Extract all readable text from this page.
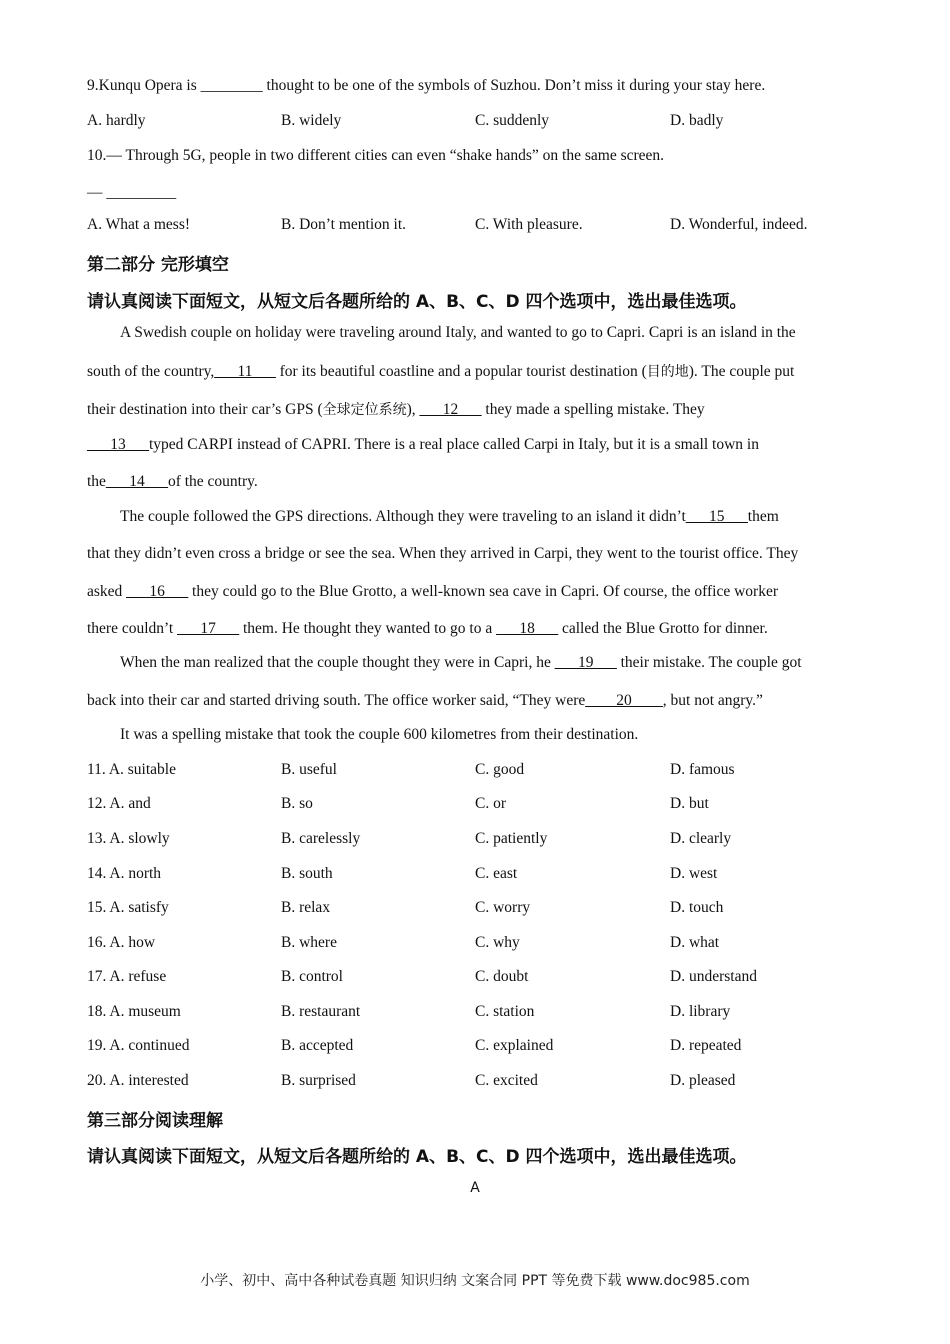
9.Kunqu Opera is ________ thought to be one of the symbols of Suzhou. Don’t miss it during your stay here.
A. hardly	B. widely	C. suddenly	D. badly
10.— Through 5G, people in two different cities can even “shake hands” on the same screen.
— _________
A. What a mess!	B. Don’t mention it.	C. With pleasure.	D. Wonderful, indeed.
第二部分 完形填空
请认真阅读下面短文，从短文后各题所给的 A、B、C、D 四个选项中，选出最佳选项。
A Swedish couple on holiday were traveling around Italy, and wanted to go to Capri. Capri is an island in the
south of the country,___11___ for its beautiful coastline and a popular tourist destination (目的地). The couple put
their destination into their car’s GPS (全球定位系统), ___12___ they made a spelling mistake. They
___13___typed CARPI instead of CAPRI. There is a real place called Carpi in Italy, but it is a small town in
the___14___of the country.
The couple followed the GPS directions. Although they were traveling to an island it didn’t___15___them
that they didn’t even cross a bridge or see the sea. When they arrived in Carpi, they went to the tourist office. They
asked ___16___ they could go to the Blue Grotto, a well-known sea cave in Capri. Of course, the office worker
there couldn’t ___17___ them. He thought they wanted to go to a ___18___ called the Blue Grotto for dinner.
When the man realized that the couple thought they were in Capri, he ___19___ their mistake. The couple got
back into their car and started driving south. The office worker said, “They were____20____, but not angry.”
It was a spelling mistake that took the couple 600 kilometres from their destination.
11. A. suitable	B. useful	C. good	D. famous
12. A. and	B. so	C. or	D. but
13. A. slowly	B. carelessly	C. patiently	D. clearly
14. A. north	B. south	C. east	D. west
15. A. satisfy	B. relax	C. worry	D. touch
16. A. how	B. where	C. why	D. what
17. A. refuse	B. control	C. doubt	D. understand
18. A. museum	B. restaurant	C. station	D. library
19. A. continued	B. accepted	C. explained	D. repeated
20. A. interested	B. surprised	C. excited	D. pleased
第三部分阅读理解
请认真阅读下面短文，从短文后各题所给的 A、B、C、D 四个选项中，选出最佳选项。
A
小学、初中、高中各种试卷真题 知识归纳 文案合同 PPT 等免费下载 www.doc985.com
